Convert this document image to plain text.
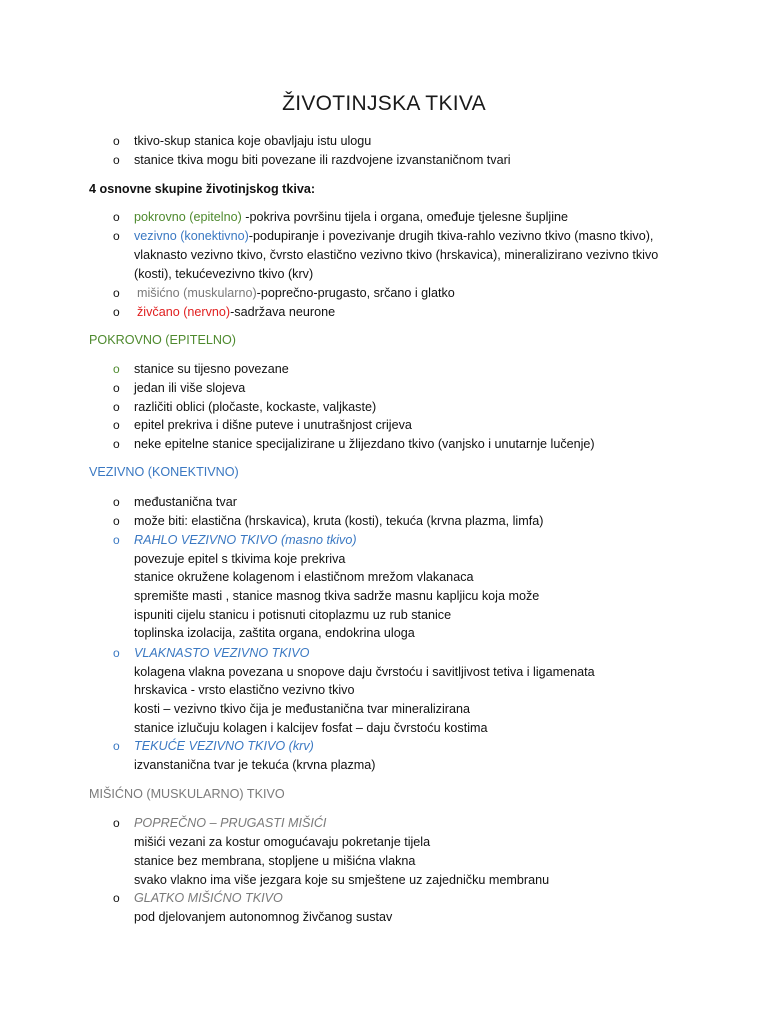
ŽIVOTINJSKA TKIVA
o tkivo-skup stanica koje obavljaju istu ulogu
o stanice tkiva mogu biti povezane ili razdvojene izvanstaničnom tvari
4 osnovne skupine životinjskog tkiva:
o pokrovno (epitelno) -pokriva površinu tijela i organa, omeđuje tjelesne šupljine
o vezivno (konektivno)-podupiranje i povezivanje drugih tkiva-rahlo vezivno tkivo (masno tkivo),
vlaknasto vezivno tkivo, čvrsto elastično vezivno tkivo (hrskavica), mineralizirano vezivno tkivo
(kosti), tekućevezivno tkivo (krv)
o mišićno (muskularno)-poprečno-prugasto, srčano i glatko
o živčano (nervno)-sadržava neurone
POKROVNO (EPITELNO)
o stanice su tijesno povezane
o jedan ili više slojeva
o različiti oblici (pločaste, kockaste, valjkaste)
o epitel prekriva i dišne puteve i unutrašnjost crijeva
o neke epitelne stanice specijalizirane u žlijezdano tkivo (vanjsko i unutarnje lučenje)
VEZIVNO (KONEKTIVNO)
o međustanična tvar
o može biti: elastična (hrskavica), kruta (kosti), tekuća (krvna plazma, limfa)
o RAHLO VEZIVNO TKIVO (masno tkivo)
povezuje epitel s tkivima koje prekriva
stanice okružene kolagenom i elastičnom mrežom vlakanaca
spremište masti , stanice masnog tkiva sadrže masnu kapljicu koja može
ispuniti cijelu stanicu i potisnuti citoplazmu uz rub stanice
toplinska izolacija, zaštita organa, endokrina uloga
o VLAKNASTO VEZIVNO TKIVO
kolagena vlakna povezana u snopove daju čvrstoću i savitljivost tetiva i ligamenata
hrskavica - vrsto elastično vezivno tkivo
kosti – vezivno tkivo čija je međustanična tvar mineralizirana
stanice izlučuju kolagen i kalcijev fosfat – daju čvrstoću kostima
o TEKUĆE VEZIVNO TKIVO (krv)
izvanstanična tvar je tekuća (krvna plazma)
MIŠIĆNO (MUSKULARNO) TKIVO
o POPREČNO – PRUGASTI MIŠIĆI
mišići vezani za kostur omogućavaju pokretanje tijela
stanice bez membrana, stopljene u mišićna vlakna
svako vlakno ima više jezgara koje su smještene uz zajedničku membranu
o GLATKO MIŠIĆNO TKIVO
pod djelovanjem autonomnog živčanog sustav
